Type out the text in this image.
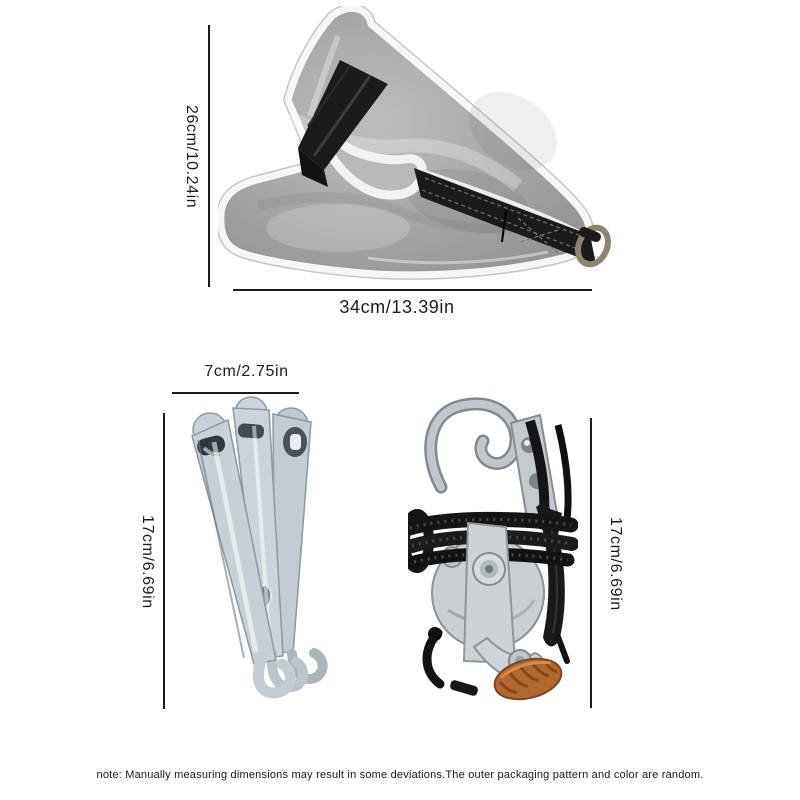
26cm/10.24in
34cm/13.39in
7cm/2.75in
17cm/6.69in	17cm/6.69in
note: Manually measuring dimensions may result in some deviations.The outer packaging pattern and color are random.
